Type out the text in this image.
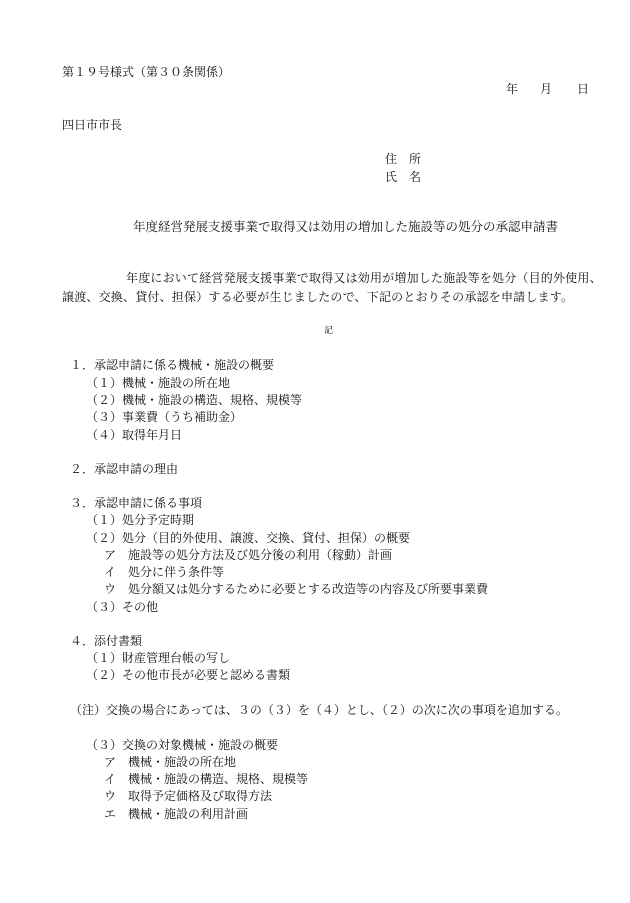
第１９号様式（第３０条関係）

年 月 日

四日市市長

住　所

氏　名

年度経営発展支援事業で取得又は効用の増加した施設等の処分の承認申請書

年度において経営発展支援事業で取得又は効用が増加した施設等を処分（目的外使用、

譲渡、交換、貸付、担保）する必要が生じましたので、下記のとおりその承認を申請します。

記

１．承認申請に係る機械・施設の概要

（１）機械・施設の所在地

（２）機械・施設の構造、規格、規模等

（３）事業費（うち補助金）

（４）取得年月日

２．承認申請の理由

３．承認申請に係る事項

（１）処分予定時期

（２）処分（目的外使用、譲渡、交換、貸付、担保）の概要

ア　施設等の処分方法及び処分後の利用（稼動）計画

イ　処分に伴う条件等

ウ　処分額又は処分するために必要とする改造等の内容及び所要事業費

（３）その他

４．添付書類

（１）財産管理台帳の写し

（２）その他市長が必要と認める書類

（注）交換の場合にあっては、３の（３）を（４）とし、（２）の次に次の事項を追加する。

（３）交換の対象機械・施設の概要

ア　機械・施設の所在地

イ　機械・施設の構造、規格、規模等

ウ　取得予定価格及び取得方法

エ　機械・施設の利用計画
